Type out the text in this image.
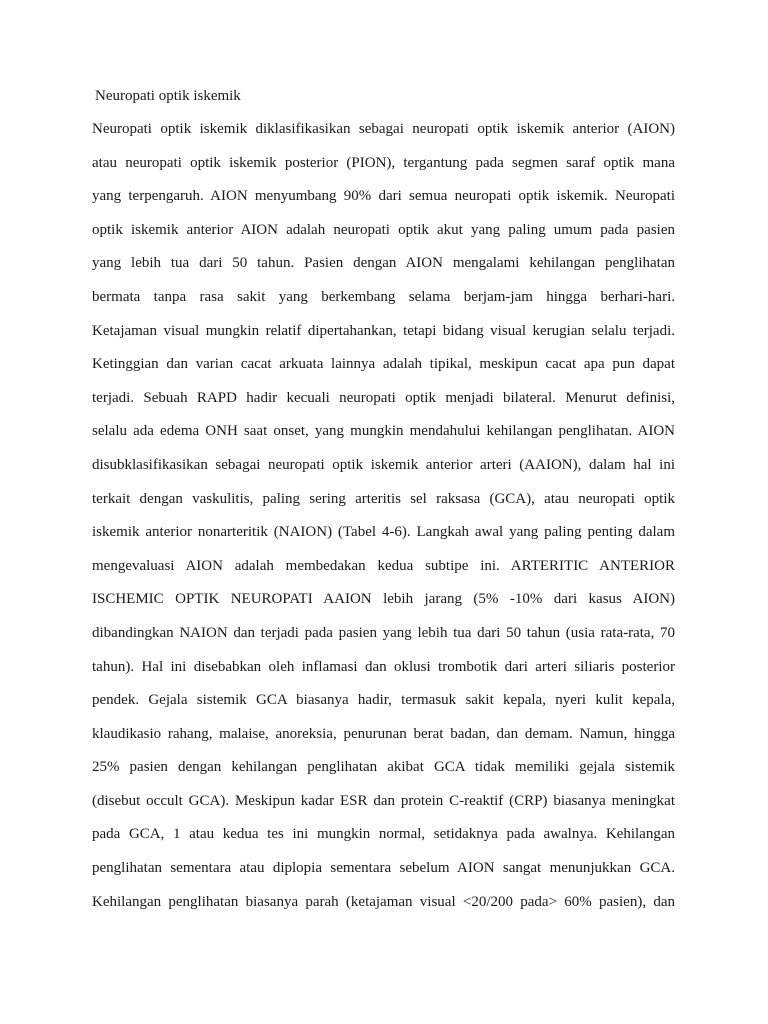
Neuropati optik iskemik
Neuropati optik iskemik diklasifikasikan sebagai neuropati optik iskemik anterior (AION)
atau neuropati optik iskemik posterior (PION), tergantung pada segmen saraf optik mana
yang terpengaruh. AION menyumbang 90% dari semua neuropati optik iskemik. Neuropati
optik iskemik anterior AION adalah neuropati optik akut yang paling umum pada pasien
yang lebih tua dari 50 tahun. Pasien dengan AION mengalami kehilangan penglihatan
bermata tanpa rasa sakit yang berkembang selama berjam-jam hingga berhari-hari.
Ketajaman visual mungkin relatif dipertahankan, tetapi bidang visual kerugian selalu terjadi.
Ketinggian dan varian cacat arkuata lainnya adalah tipikal, meskipun cacat apa pun dapat
terjadi. Sebuah RAPD hadir kecuali neuropati optik menjadi bilateral. Menurut definisi,
selalu ada edema ONH saat onset, yang mungkin mendahului kehilangan penglihatan. AION
disubklasifikasikan sebagai neuropati optik iskemik anterior arteri (AAION), dalam hal ini
terkait dengan vaskulitis, paling sering arteritis sel raksasa (GCA), atau neuropati optik
iskemik anterior nonarteritik (NAION) (Tabel 4-6). Langkah awal yang paling penting dalam
mengevaluasi AION adalah membedakan kedua subtipe ini. ARTERITIC ANTERIOR
ISCHEMIC OPTIK NEUROPATI AAION lebih jarang (5% -10% dari kasus AION)
dibandingkan NAION dan terjadi pada pasien yang lebih tua dari 50 tahun (usia rata-rata, 70
tahun). Hal ini disebabkan oleh inflamasi dan oklusi trombotik dari arteri siliaris posterior
pendek. Gejala sistemik GCA biasanya hadir, termasuk sakit kepala, nyeri kulit kepala,
klaudikasio rahang, malaise, anoreksia, penurunan berat badan, dan demam. Namun, hingga
25% pasien dengan kehilangan penglihatan akibat GCA tidak memiliki gejala sistemik
(disebut occult GCA). Meskipun kadar ESR dan protein C-reaktif (CRP) biasanya meningkat
pada GCA, 1 atau kedua tes ini mungkin normal, setidaknya pada awalnya. Kehilangan
penglihatan sementara atau diplopia sementara sebelum AION sangat menunjukkan GCA.
Kehilangan penglihatan biasanya parah (ketajaman visual <20/200 pada> 60% pasien), dan
